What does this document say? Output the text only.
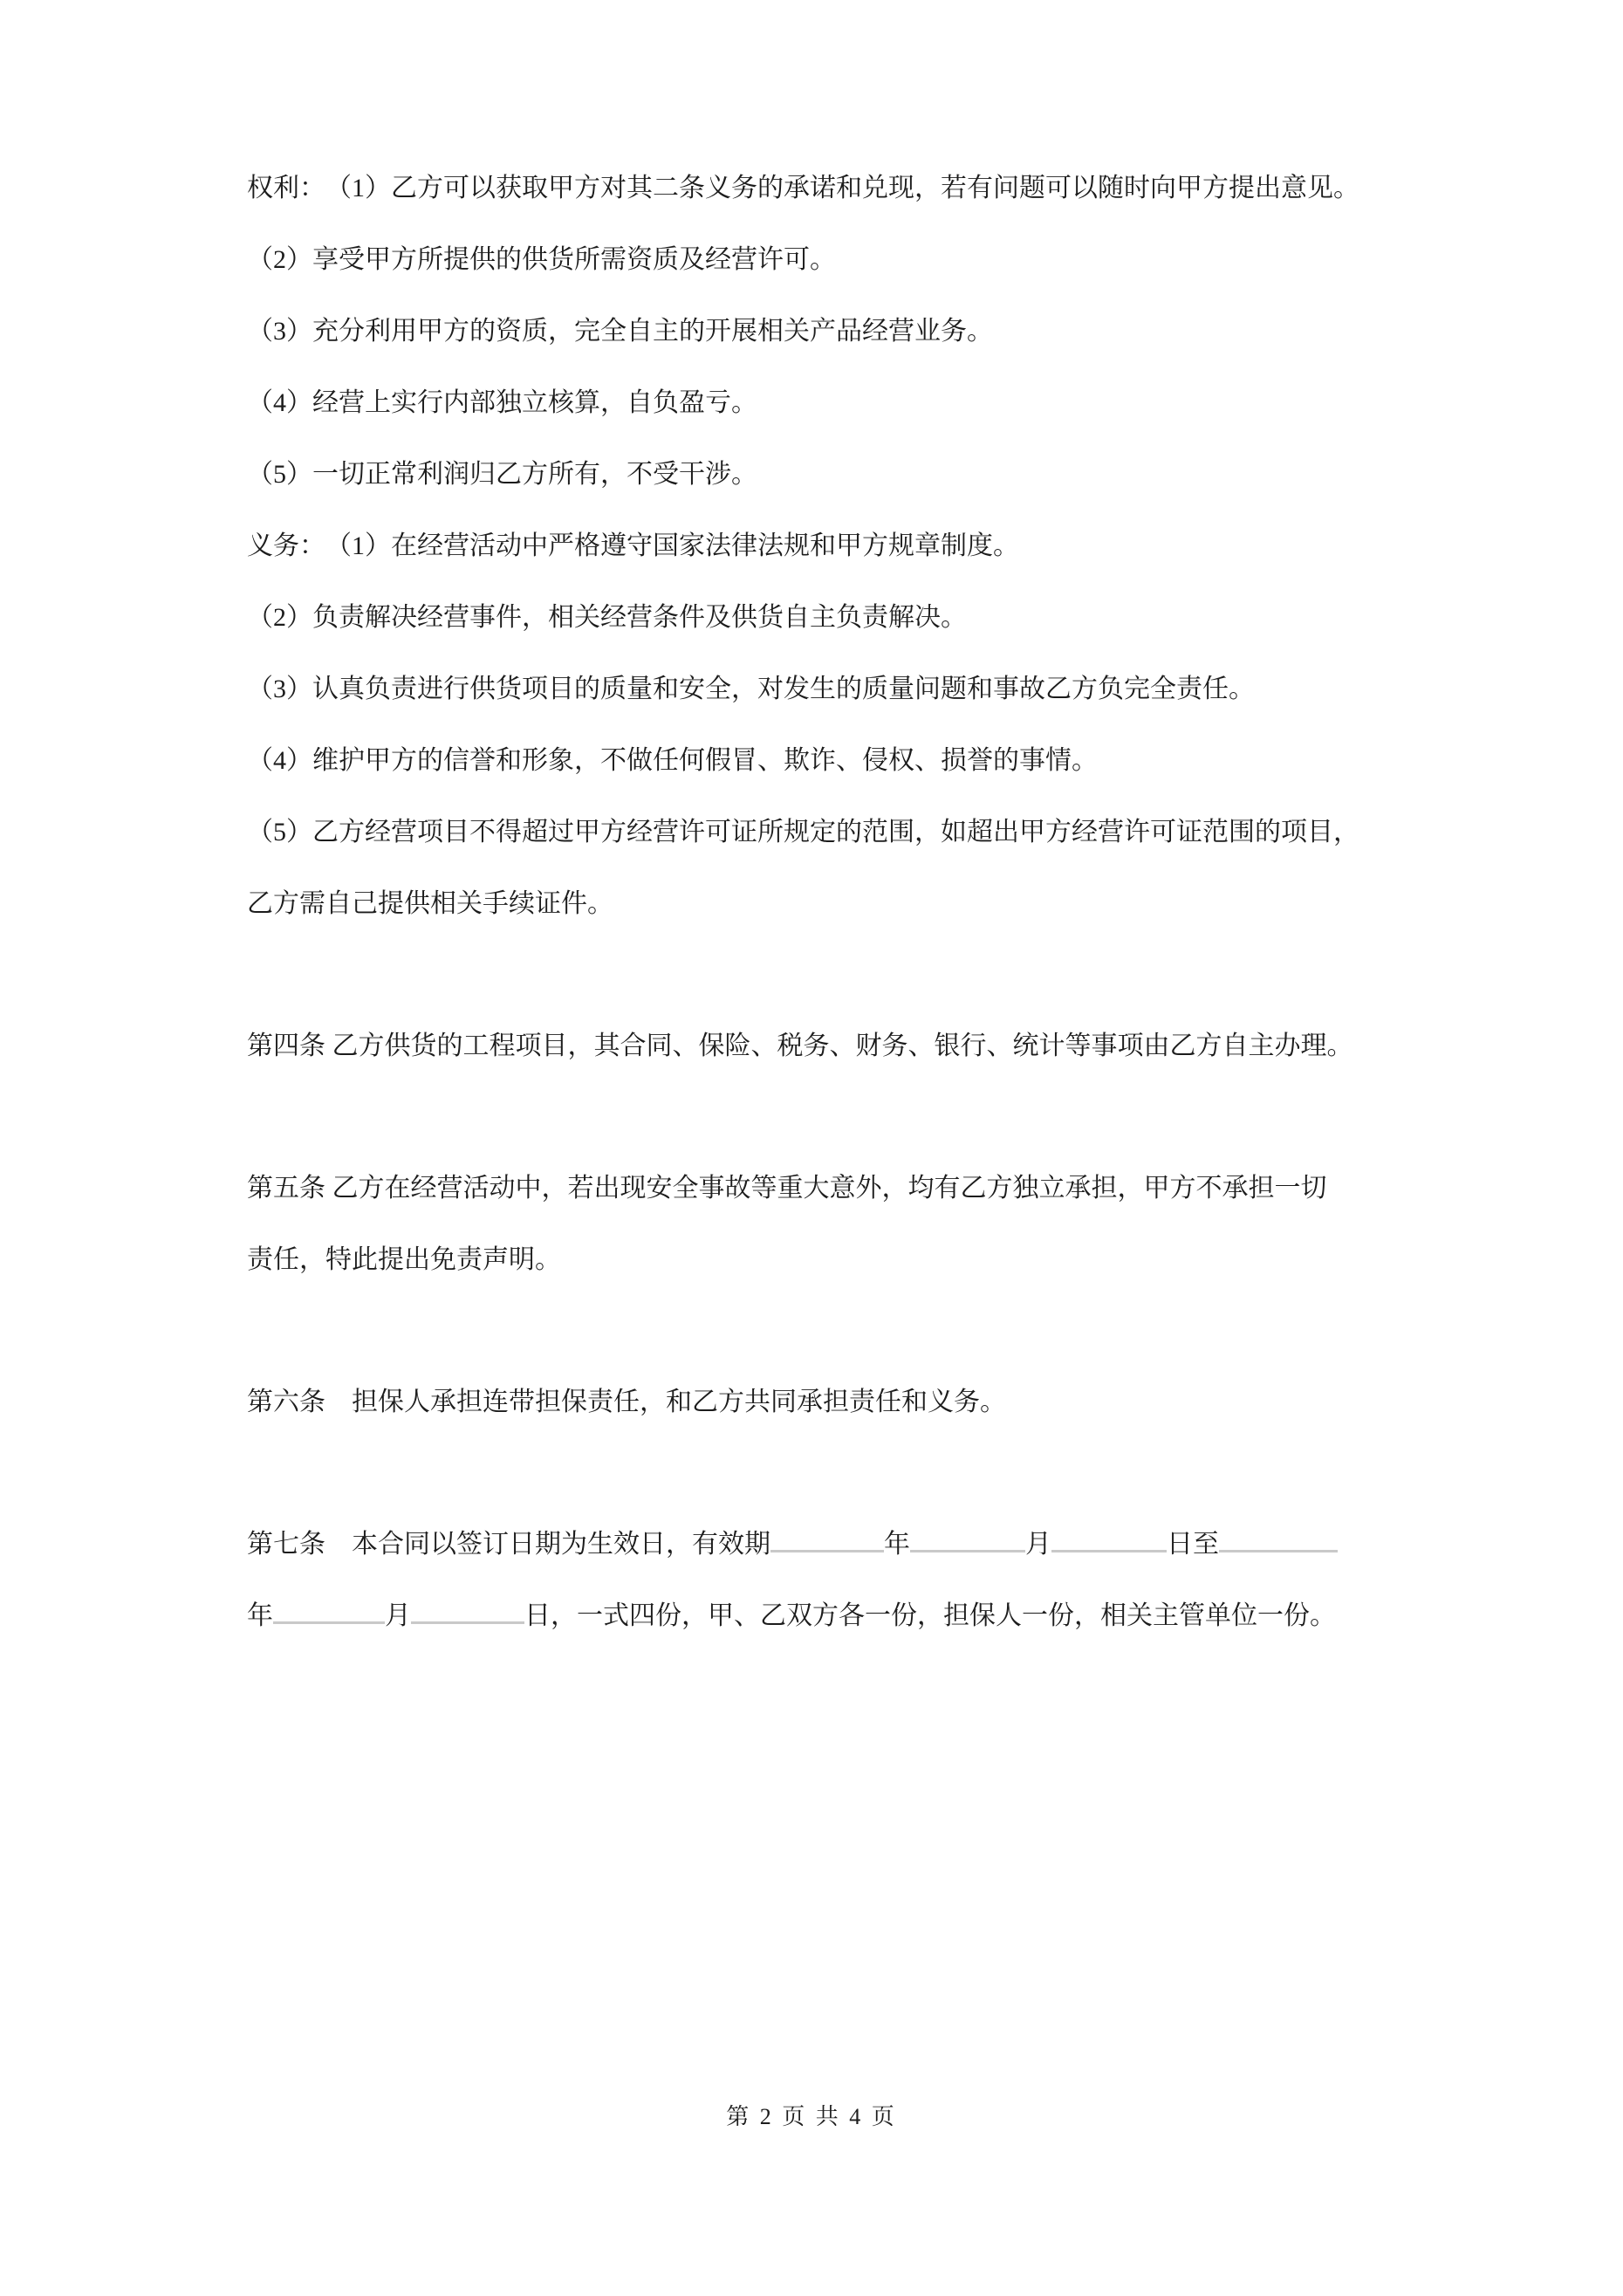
权利：　（1）乙方可以获取甲方对其二条义务的承诺和兑现，若有问题可以随时向甲方提出意见。
（2）享受甲方所提供的供货所需资质及经营许可。
（3）充分利用甲方的资质，完全自主的开展相关产品经营业务。
（4）经营上实行内部独立核算，自负盈亏。
（5）一切正常利润归乙方所有，不受干涉。
义务：　（1）在经营活动中严格遵守国家法律法规和甲方规章制度。
（2）负责解决经营事件，相关经营条件及供货自主负责解决。
（3）认真负责进行供货项目的质量和安全，对发生的质量问题和事故乙方负完全责任。
（4）维护甲方的信誉和形象，不做任何假冒、欺诈、侵权、损誉的事情。
（5）乙方经营项目不得超过甲方经营许可证所规定的范围，如超出甲方经营许可证范围的项目，
乙方需自己提供相关手续证件。
第四条 乙方供货的工程项目，其合同、保险、税务、财务、银行、统计等事项由乙方自主办理。
第五条 乙方在经营活动中，若出现安全事故等重大意外，均有乙方独立承担，甲方不承担一切
责任，特此提出免责声明。
第六条　担保人承担连带担保责任，和乙方共同承担责任和义务。
第七条　本合同以签订日期为生效日，有效期	年	月	日至
年	月	日，一式四份，甲、乙双方各一份，担保人一份，相关主管单位一份。
第 2 页 共 4 页
